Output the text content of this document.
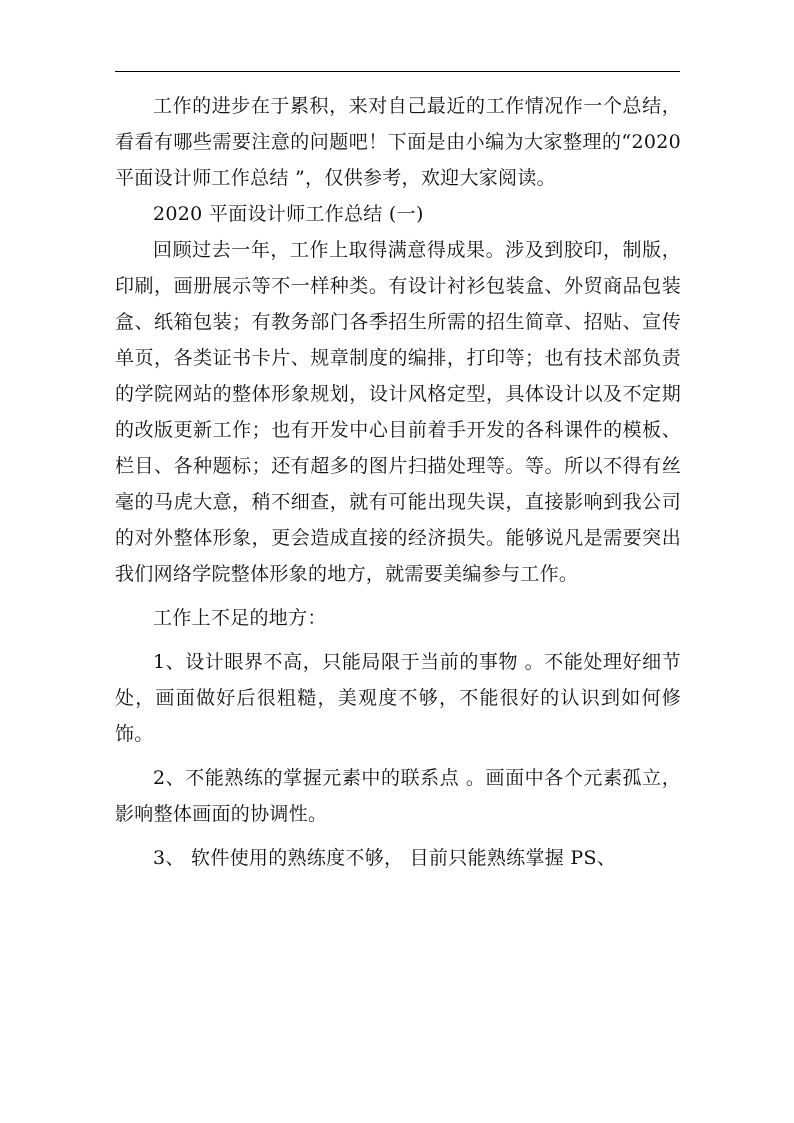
工作的进步在于累积，来对自己最近的工作情况作一个总结，看看有哪些需要注意的问题吧！下面是由小编为大家整理的“2020 平面设计师工作总结 ”，仅供参考，欢迎大家阅读。

2020 平面设计师工作总结 (一)

回顾过去一年，工作上取得满意得成果。涉及到胶印，制版，印刷，画册展示等不一样种类。有设计衬衫包装盒、外贸商品包装盒、纸箱包装；有教务部门各季招生所需的招生简章、招贴、宣传单页，各类证书卡片、规章制度的编排，打印等；也有技术部负责的学院网站的整体形象规划，设计风格定型，具体设计以及不定期的改版更新工作；也有开发中心目前着手开发的各科课件的模板、栏目、各种题标；还有超多的图片扫描处理等。等。所以不得有丝毫的马虎大意，稍不细查，就有可能出现失误，直接影响到我公司的对外整体形象，更会造成直接的经济损失。能够说凡是需要突出我们网络学院整体形象的地方，就需要美编参与工作。

工作上不足的地方：

1、设计眼界不高，只能局限于当前的事物 。不能处理好细节处，画面做好后很粗糙，美观度不够，不能很好的认识到如何修饰。

2、不能熟练的掌握元素中的联系点 。画面中各个元素孤立，影响整体画面的协调性。

3、 软件使用的熟练度不够， 目前只能熟练掌握 PS、
